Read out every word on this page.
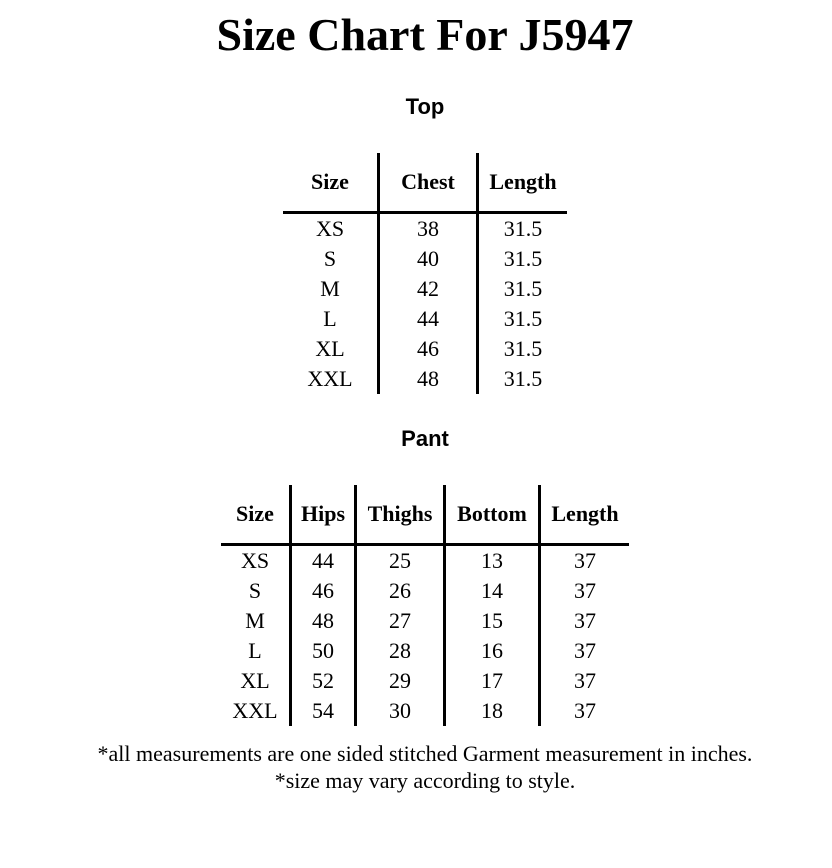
Size Chart For J5947
Top
Size	Chest	Length
XS	38	31.5
S	40	31.5
M	42	31.5
L	44	31.5
XL	46	31.5
XXL	48	31.5
Pant
Size	Hips	Thighs	Bottom	Length
XS	44	25	13	37
S	46	26	14	37
M	48	27	15	37
L	50	28	16	37
XL	52	29	17	37
XXL	54	30	18	37

*all measurements are one sided stitched Garment measurement in inches.

*size may vary according to style.
